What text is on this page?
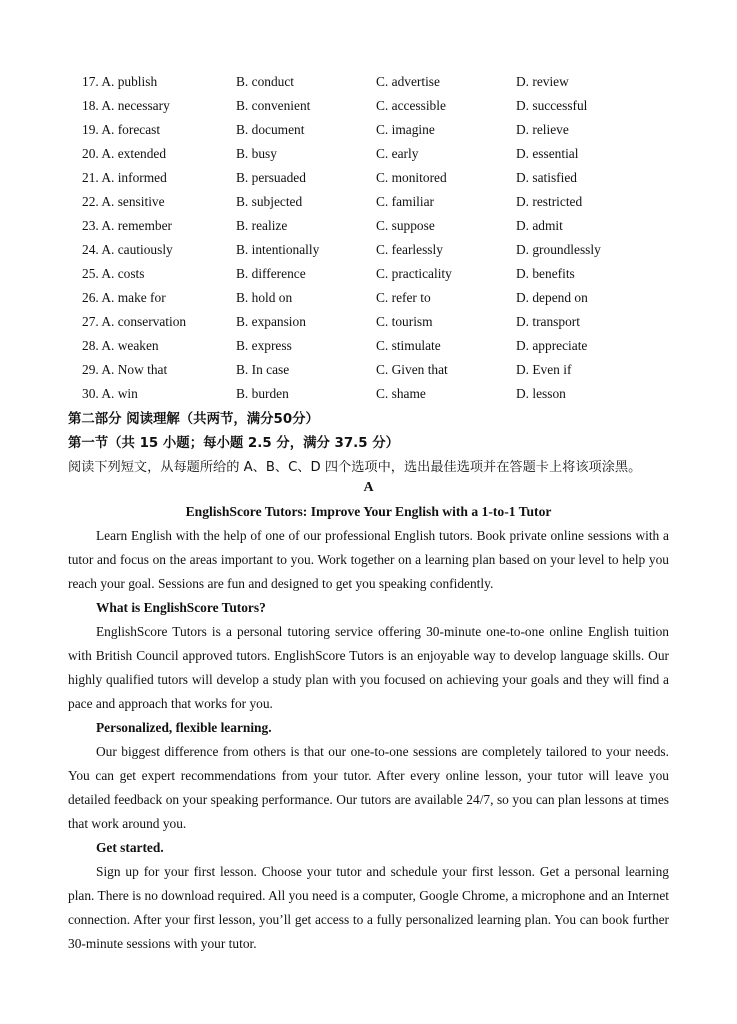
17. A. publish	B. conduct	C. advertise	D. review
18. A. necessary	B. convenient	C. accessible	D. successful
19. A. forecast	B. document	C. imagine	D. relieve
20. A. extended	B. busy	C. early	D. essential
21. A. informed	B. persuaded	C. monitored	D. satisfied
22. A. sensitive	B. subjected	C. familiar	D. restricted
23. A. remember	B. realize	C. suppose	D. admit
24. A. cautiously	B. intentionally	C. fearlessly	D. groundlessly
25. A. costs	B. difference	C. practicality	D. benefits
26. A. make for	B. hold on	C. refer to	D. depend on
27. A. conservation	B. expansion	C. tourism	D. transport
28. A. weaken	B. express	C. stimulate	D. appreciate
29. A. Now that	B. In case	C. Given that	D. Even if
30. A. win	B. burden	C. shame	D. lesson
第二部分 阅读理解（共两节，满分50分）
第一节（共 15 小题；每小题 2.5 分，满分 37.5 分）
阅读下列短文，从每题所给的 A、B、C、D 四个选项中，选出最佳选项并在答题卡上将该项涂黑。
A
EnglishScore Tutors: Improve Your English with a 1-to-1 Tutor

Learn English with the help of one of our professional English tutors. Book private online sessions with a tutor and focus on the areas important to you. Work together on a learning plan based on your level to help you reach your goal. Sessions are fun and designed to get you speaking confidently.

What is EnglishScore Tutors?

EnglishScore Tutors is a personal tutoring service offering 30-minute one-to-one online English tuition with British Council approved tutors. EnglishScore Tutors is an enjoyable way to develop language skills. Our highly qualified tutors will develop a study plan with you focused on achieving your goals and they will find a pace and approach that works for you.

Personalized, flexible learning.

Our biggest difference from others is that our one-to-one sessions are completely tailored to your needs. You can get expert recommendations from your tutor. After every online lesson, your tutor will leave you detailed feedback on your speaking performance. Our tutors are available 24/7, so you can plan lessons at times that work around you.

Get started.

Sign up for your first lesson. Choose your tutor and schedule your first lesson. Get a personal learning plan. There is no download required. All you need is a computer, Google Chrome, a microphone and an Internet connection. After your first lesson, you’ll get access to a fully personalized learning plan. You can book further 30-minute sessions with your tutor.
